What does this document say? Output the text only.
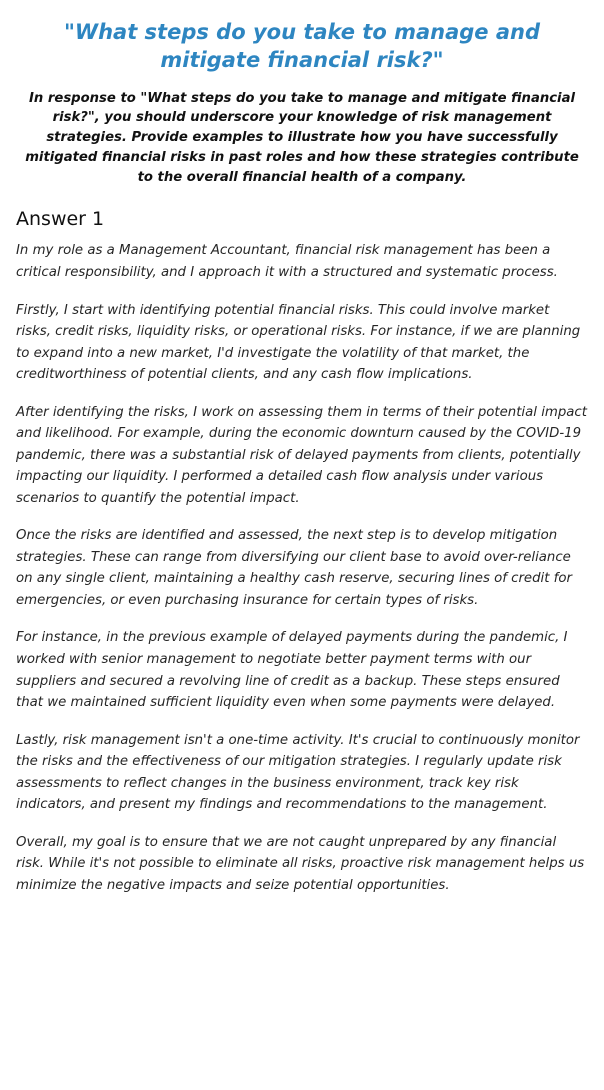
"What steps do you take to manage and mitigate financial risk?"

In response to "What steps do you take to manage and mitigate financial risk?", you should underscore your knowledge of risk management strategies. Provide examples to illustrate how you have successfully mitigated financial risks in past roles and how these strategies contribute to the overall financial health of a company.

Answer 1

In my role as a Management Accountant, financial risk management has been a critical responsibility, and I approach it with a structured and systematic process.

Firstly, I start with identifying potential financial risks. This could involve market risks, credit risks, liquidity risks, or operational risks. For instance, if we are planning to expand into a new market, I'd investigate the volatility of that market, the creditworthiness of potential clients, and any cash flow implications.

After identifying the risks, I work on assessing them in terms of their potential impact and likelihood. For example, during the economic downturn caused by the COVID-19 pandemic, there was a substantial risk of delayed payments from clients, potentially impacting our liquidity. I performed a detailed cash flow analysis under various scenarios to quantify the potential impact.

Once the risks are identified and assessed, the next step is to develop mitigation strategies. These can range from diversifying our client base to avoid over-reliance on any single client, maintaining a healthy cash reserve, securing lines of credit for emergencies, or even purchasing insurance for certain types of risks.

For instance, in the previous example of delayed payments during the pandemic, I worked with senior management to negotiate better payment terms with our suppliers and secured a revolving line of credit as a backup. These steps ensured that we maintained sufficient liquidity even when some payments were delayed.

Lastly, risk management isn't a one-time activity. It's crucial to continuously monitor the risks and the effectiveness of our mitigation strategies. I regularly update risk assessments to reflect changes in the business environment, track key risk indicators, and present my findings and recommendations to the management.

Overall, my goal is to ensure that we are not caught unprepared by any financial risk. While it's not possible to eliminate all risks, proactive risk management helps us minimize the negative impacts and seize potential opportunities.
